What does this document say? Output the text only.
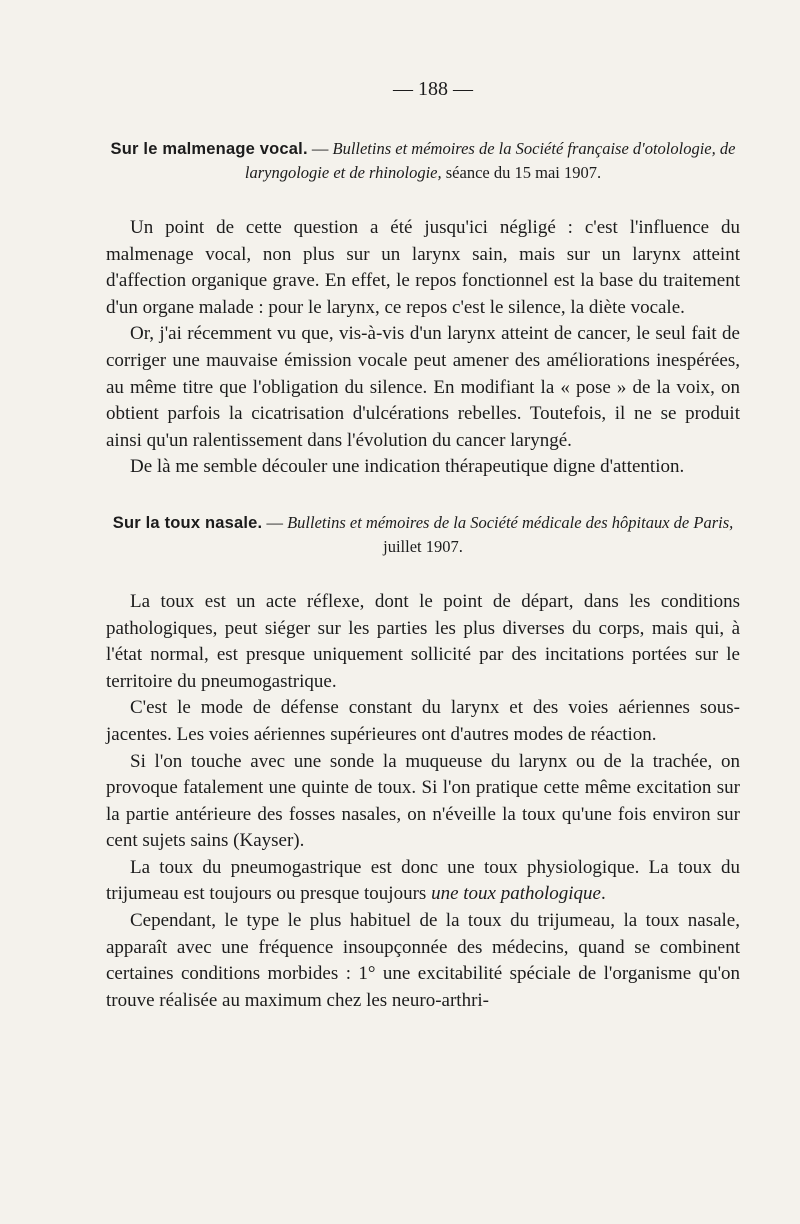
— 188 —
Sur le malmenage vocal. — Bulletins et mémoires de la Société française d'otolologie, de laryngologie et de rhinologie, séance du 15 mai 1907.

Un point de cette question a été jusqu'ici négligé : c'est l'influence du malmenage vocal, non plus sur un larynx sain, mais sur un larynx atteint d'affection organique grave. En effet, le repos fonctionnel est la base du traitement d'un organe malade : pour le larynx, ce repos c'est le silence, la diète vocale.

Or, j'ai récemment vu que, vis-à-vis d'un larynx atteint de cancer, le seul fait de corriger une mauvaise émission vocale peut amener des améliorations inespérées, au même titre que l'obligation du silence. En modifiant la « pose » de la voix, on obtient parfois la cicatrisation d'ulcérations rebelles. Toutefois, il ne se produit ainsi qu'un ralentissement dans l'évolution du cancer laryngé.

De là me semble découler une indication thérapeutique digne d'attention.

Sur la toux nasale. — Bulletins et mémoires de la Société médicale des hôpitaux de Paris, juillet 1907.

La toux est un acte réflexe, dont le point de départ, dans les conditions pathologiques, peut siéger sur les parties les plus diverses du corps, mais qui, à l'état normal, est presque uniquement sollicité par des incitations portées sur le territoire du pneumogastrique.

C'est le mode de défense constant du larynx et des voies aériennes sous-jacentes. Les voies aériennes supérieures ont d'autres modes de réaction.

Si l'on touche avec une sonde la muqueuse du larynx ou de la trachée, on provoque fatalement une quinte de toux. Si l'on pratique cette même excitation sur la partie antérieure des fosses nasales, on n'éveille la toux qu'une fois environ sur cent sujets sains (Kayser).

La toux du pneumogastrique est donc une toux physiologique. La toux du trijumeau est toujours ou presque toujours une toux pathologique.

Cependant, le type le plus habituel de la toux du trijumeau, la toux nasale, apparaît avec une fréquence insoupçonnée des médecins, quand se combinent certaines conditions morbides : 1° une excitabilité spéciale de l'organisme qu'on trouve réalisée au maximum chez les neuro-arthri-
